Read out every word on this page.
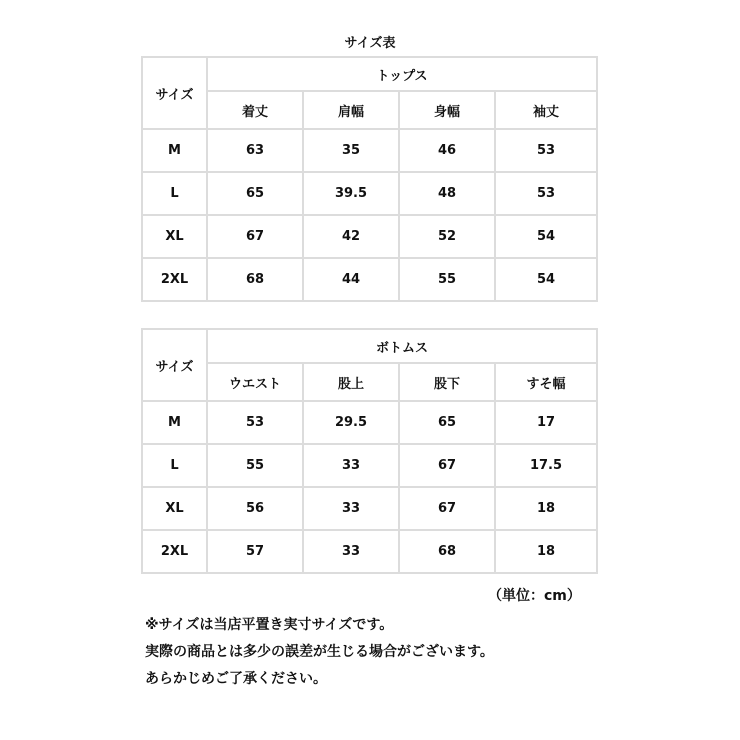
サイズ表
サイズ	トップス			
	着丈	肩幅	身幅	袖丈
M	63	35	46	53
L	65	39.5	48	53
XL	67	42	52	54
2XL	68	44	55	54
サイズ	ボトムス			
	ウエスト	股上	股下	すそ幅
M	53	29.5	65	17
L	55	33	67	17.5
XL	56	33	67	18
2XL	57	33	68	18
（単位：cm）
※サイズは当店平置き実寸サイズです。
実際の商品とは多少の誤差が生じる場合がございます。
あらかじめご了承ください。
